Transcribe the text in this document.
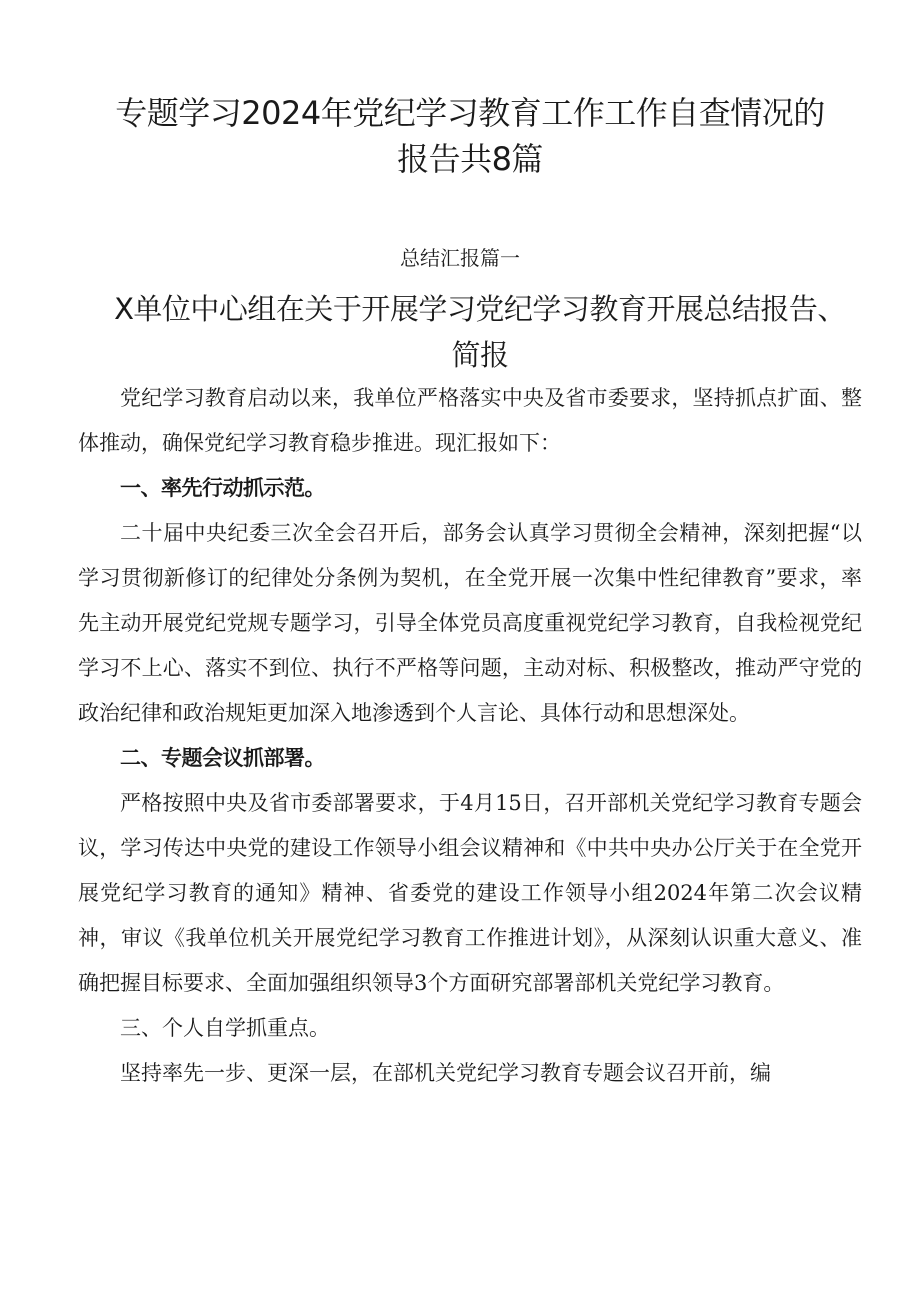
专题学习2024年党纪学习教育工作工作自查情况的报告共8篇
总结汇报篇一
X单位中心组在关于开展学习党纪学习教育开展总结报告、简报

党纪学习教育启动以来，我单位严格落实中央及省市委要求，坚持抓点扩面、整体推动，确保党纪学习教育稳步推进。现汇报如下：

一、率先行动抓示范。

二十届中央纪委三次全会召开后，部务会认真学习贯彻全会精神，深刻把握“以学习贯彻新修订的纪律处分条例为契机，在全党开展一次集中性纪律教育”要求，率先主动开展党纪党规专题学习，引导全体党员高度重视党纪学习教育，自我检视党纪学习不上心、落实不到位、执行不严格等问题，主动对标、积极整改，推动严守党的政治纪律和政治规矩更加深入地渗透到个人言论、具体行动和思想深处。

二、专题会议抓部署。

严格按照中央及省市委部署要求，于4月15日，召开部机关党纪学习教育专题会议，学习传达中央党的建设工作领导小组会议精神和《中共中央办公厅关于在全党开展党纪学习教育的通知》精神、省委党的建设工作领导小组2024年第二次会议精神，审议《我单位机关开展党纪学习教育工作推进计划》，从深刻认识重大意义、准确把握目标要求、全面加强组织领导3个方面研究部署部机关党纪学习教育。

三、个人自学抓重点。

坚持率先一步、更深一层，在部机关党纪学习教育专题会议召开前，编
